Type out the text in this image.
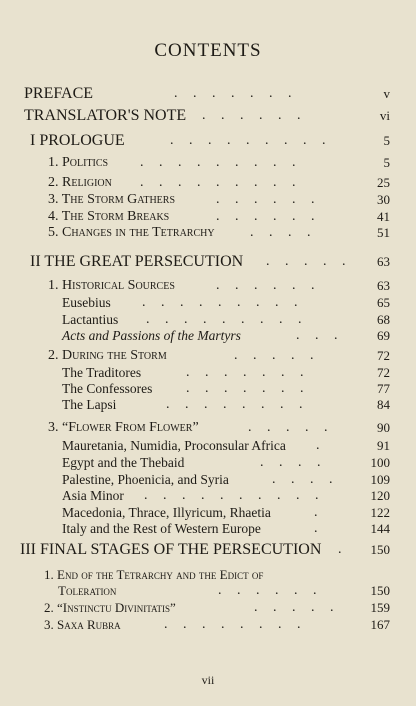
CONTENTS
PREFACE	. . . . . . .	v
TRANSLATOR'S NOTE . . . . . .	vi
I PROLOGUE	. . . . . . . . .	5
1. Politics . . . . . . . . .	5
2. Religion . . . . . . . . .	25
3. The Storm Gathers	. . . . . .	30
4. The Storm Breaks	. . . . . .	41
5. Changes in the Tetrarchy	. . . .	51
II THE GREAT PERSECUTION . . . . . 63
1. Historical Sources	. . . . . .	63
Eusebius . . . . . . . . .	65
Lactantius . . . . . . . . .	68
Acts and Passions of the Martyrs	. . .	69
2. During the Storm	. . . . .	72
The Traditores	. . . . . . .	72
The Confessores . . . . . . .	77
The Lapsi	. . . . . . . .	84
3. “Flower From Flower”	. . . . .	90
Mauretania, Numidia, Proconsular Africa .	91
Egypt and the Thebaid	. . . .	100
Palestine, Phoenicia, and Syria	. . . . 109
Asia Minor . . . . . . . . . .	120
Macedonia, Thrace, Illyricum, Rhaetia	.	122
Italy and the Rest of Western Europe	.	144
III FINAL STAGES OF THE PERSECUTION . 150
1. End of the Tetrarchy and the Edict of
Toleration	. . . . . .	150
2. “Instinctu Divinitatis”	. . . . . 159
3. Saxa Rubra	. . . . . . . .	167
vii
